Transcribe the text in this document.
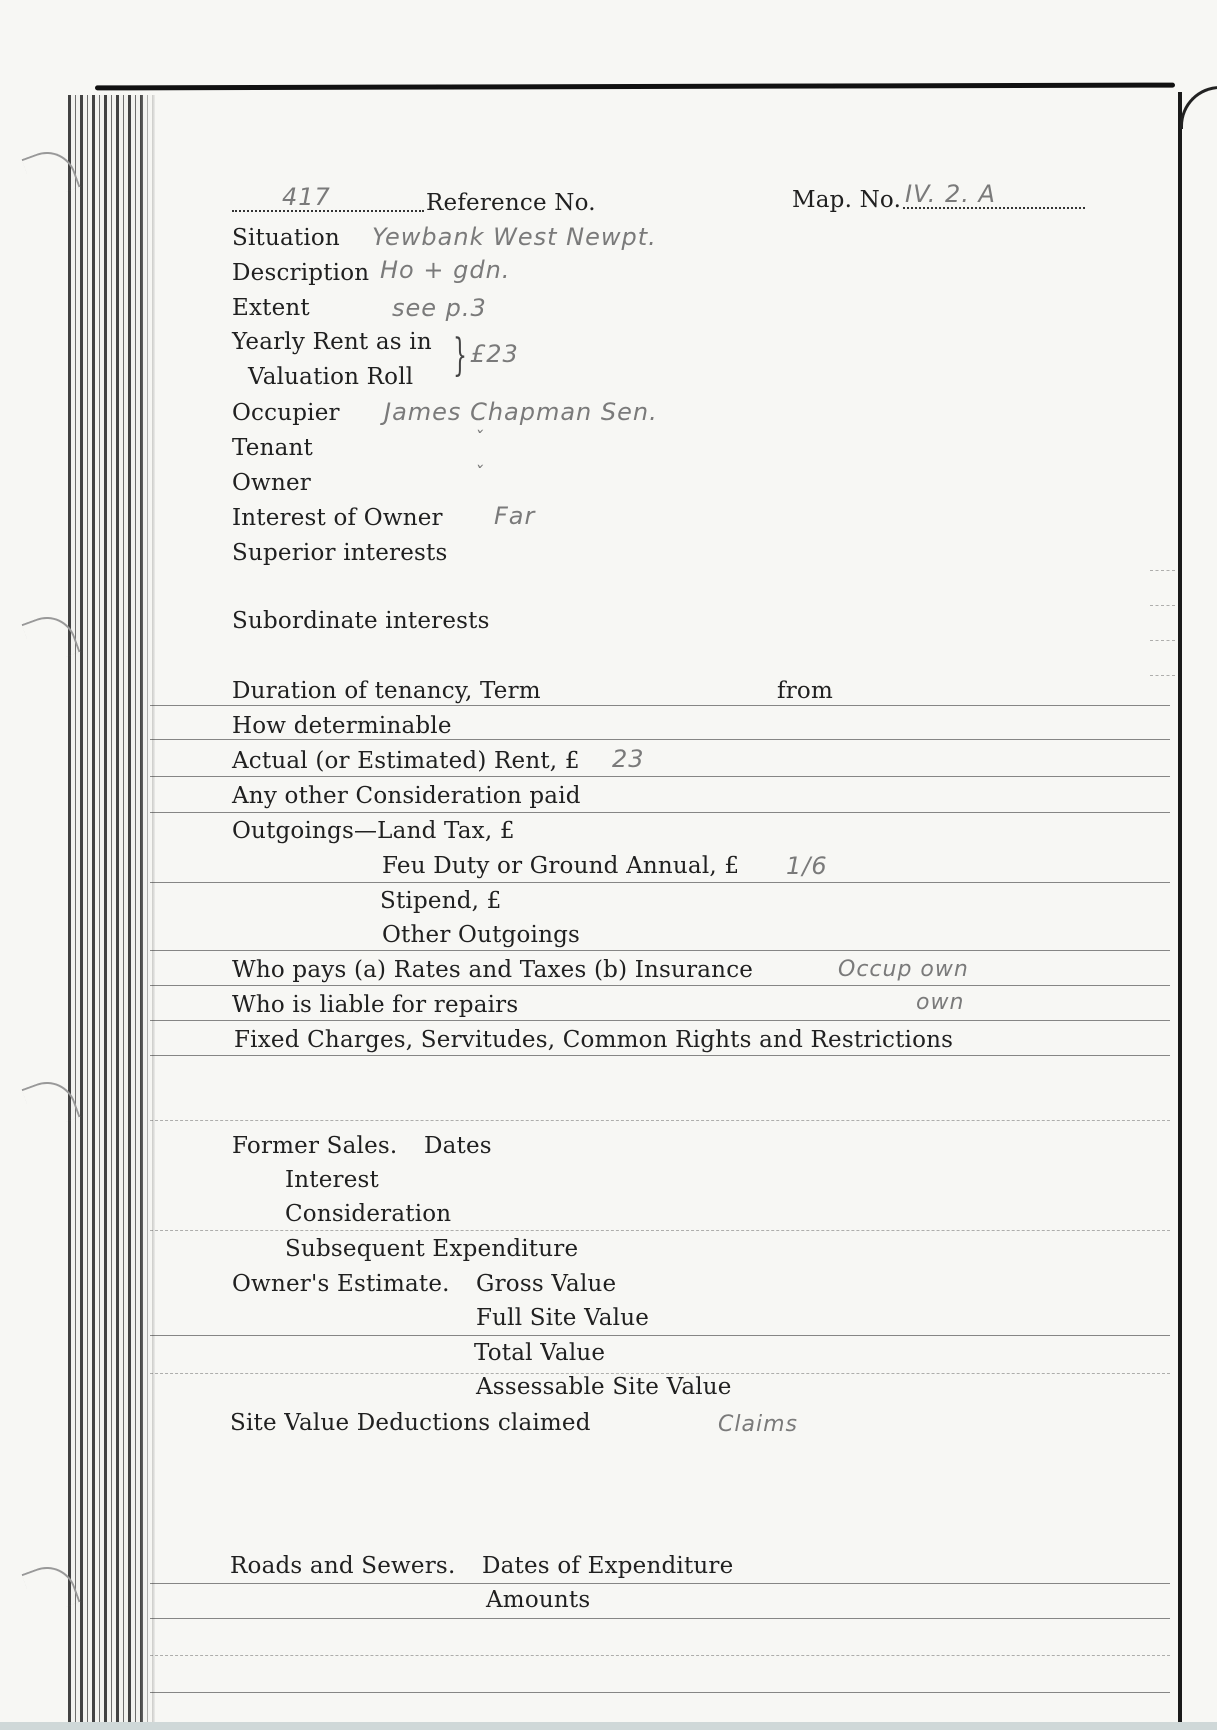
417	Reference No.	Map. No. IV. 2. A
Situation Yewbank West Newpt.
Description Ho + gdn.
Extent	see p.3
Yearly Rent as in
Valuation Roll } £23
Occupier James Chapman Sen.
Tenant	ˇ
Owner	ˇ
Interest of Owner Far
Superior interests
Subordinate interests
Duration of tenancy, Term	from
How determinable
Actual (or Estimated) Rent, £ 23
Any other Consideration paid
Outgoings—Land Tax, £
Feu Duty or Ground Annual, £ 1/6
Stipend, £
Other Outgoings
Who pays (a) Rates and Taxes (b) Insurance	Occup own
Who is liable for repairs	own
Fixed Charges, Servitudes, Common Rights and Restrictions
Former Sales. Dates
Interest
Consideration
Subsequent Expenditure
Owner's Estimate. Gross Value
Full Site Value
Total Value
Assessable Site Value
Site Value Deductions claimed	Claims
Roads and Sewers. Dates of Expenditure
Amounts
